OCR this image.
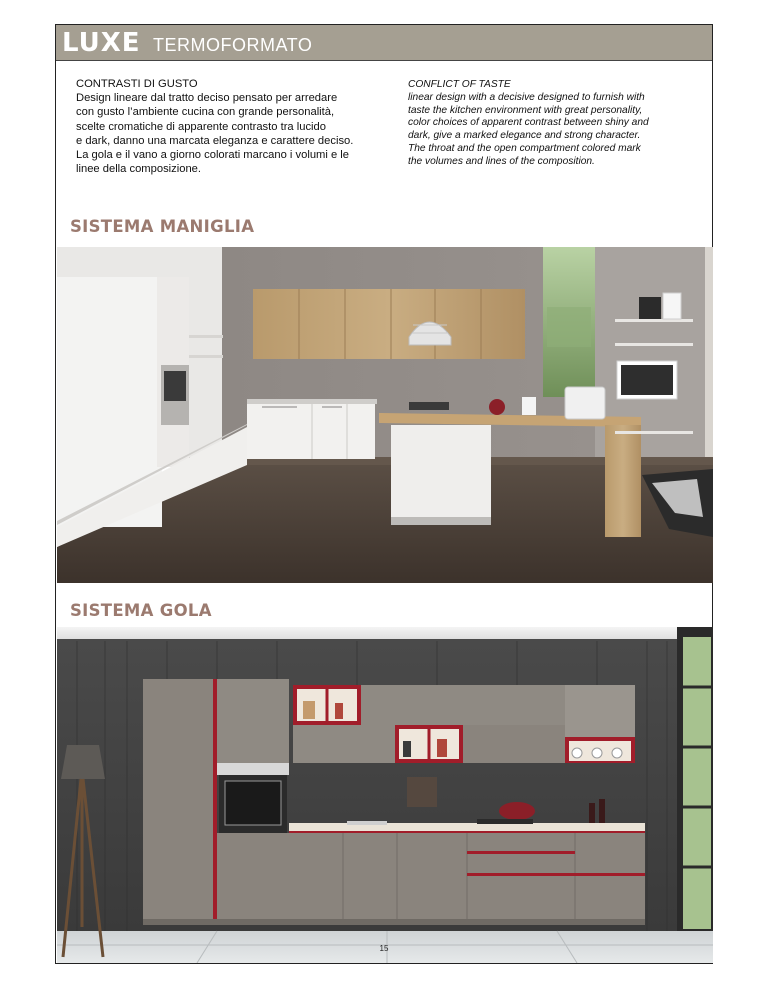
LUXE TERMOFORMATO
CONTRASTI DI GUSTO
Design lineare dal tratto deciso pensato per arredare
con gusto l’ambiente cucina con grande personalità,
scelte cromatiche di apparente contrasto tra lucido
e dark, danno una marcata eleganza e carattere deciso.
La gola e il vano a giorno colorati marcano i volumi e le
linee della composizione.
CONFLICT OF TASTE
linear design with a decisive designed to furnish with
taste the kitchen environment with great personality,
color choices of apparent contrast between shiny and
dark, give a marked elegance and strong character.
The throat and the open compartment colored mark
the volumes and lines of the composition.
SISTEMA MANIGLIA
SISTEMA GOLA
15
